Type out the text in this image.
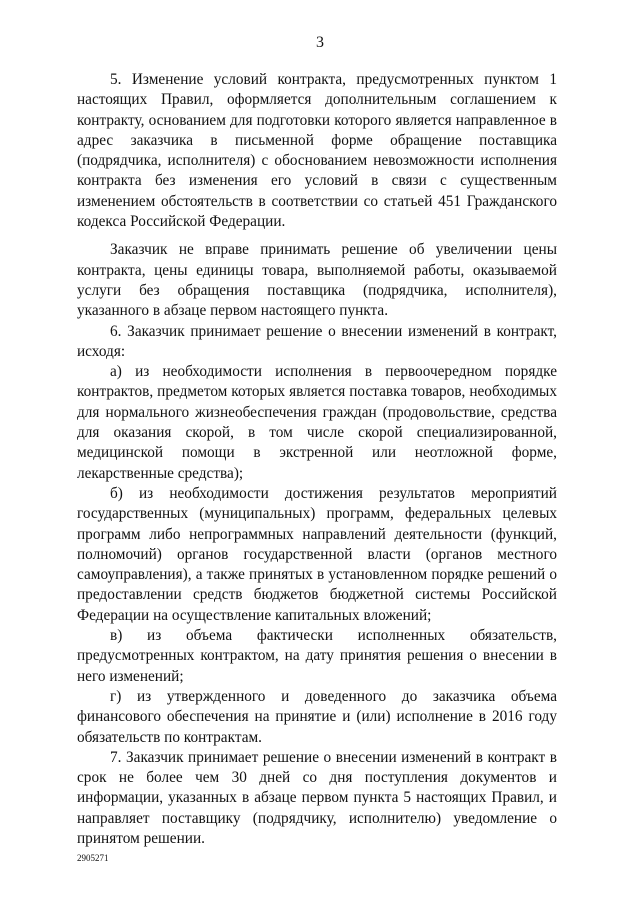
3

5. Изменение условий контракта, предусмотренных пунктом 1 настоящих Правил, оформляется дополнительным соглашением к контракту, основанием для подготовки которого является направленное в адрес заказчика в письменной форме обращение поставщика (подрядчика, исполнителя) с обоснованием невозможности исполнения контракта без изменения его условий в связи с существенным изменением обстоятельств в соответствии со статьей 451 Гражданского кодекса Российской Федерации.

Заказчик не вправе принимать решение об увеличении цены контракта, цены единицы товара, выполняемой работы, оказываемой услуги без обращения поставщика (подрядчика, исполнителя), указанного в абзаце первом настоящего пункта.

6. Заказчик принимает решение о внесении изменений в контракт, исходя:

а) из необходимости исполнения в первоочередном порядке контрактов, предметом которых является поставка товаров, необходимых для нормального жизнеобеспечения граждан (продовольствие, средства для оказания скорой, в том числе скорой специализированной, медицинской помощи в экстренной или неотложной форме, лекарственные средства);

б) из необходимости достижения результатов мероприятий государственных (муниципальных) программ, федеральных целевых программ либо непрограммных направлений деятельности (функций, полномочий) органов государственной власти (органов местного самоуправления), а также принятых в установленном порядке решений о предоставлении средств бюджетов бюджетной системы Российской Федерации на осуществление капитальных вложений;

в) из объема фактически исполненных обязательств, предусмотренных контрактом, на дату принятия решения о внесении в него изменений;

г) из утвержденного и доведенного до заказчика объема финансового обеспечения на принятие и (или) исполнение в 2016 году обязательств по контрактам.

7. Заказчик принимает решение о внесении изменений в контракт в срок не более чем 30 дней со дня поступления документов и информации, указанных в абзаце первом пункта 5 настоящих Правил, и направляет поставщику (подрядчику, исполнителю) уведомление о принятом решении.

2905271
